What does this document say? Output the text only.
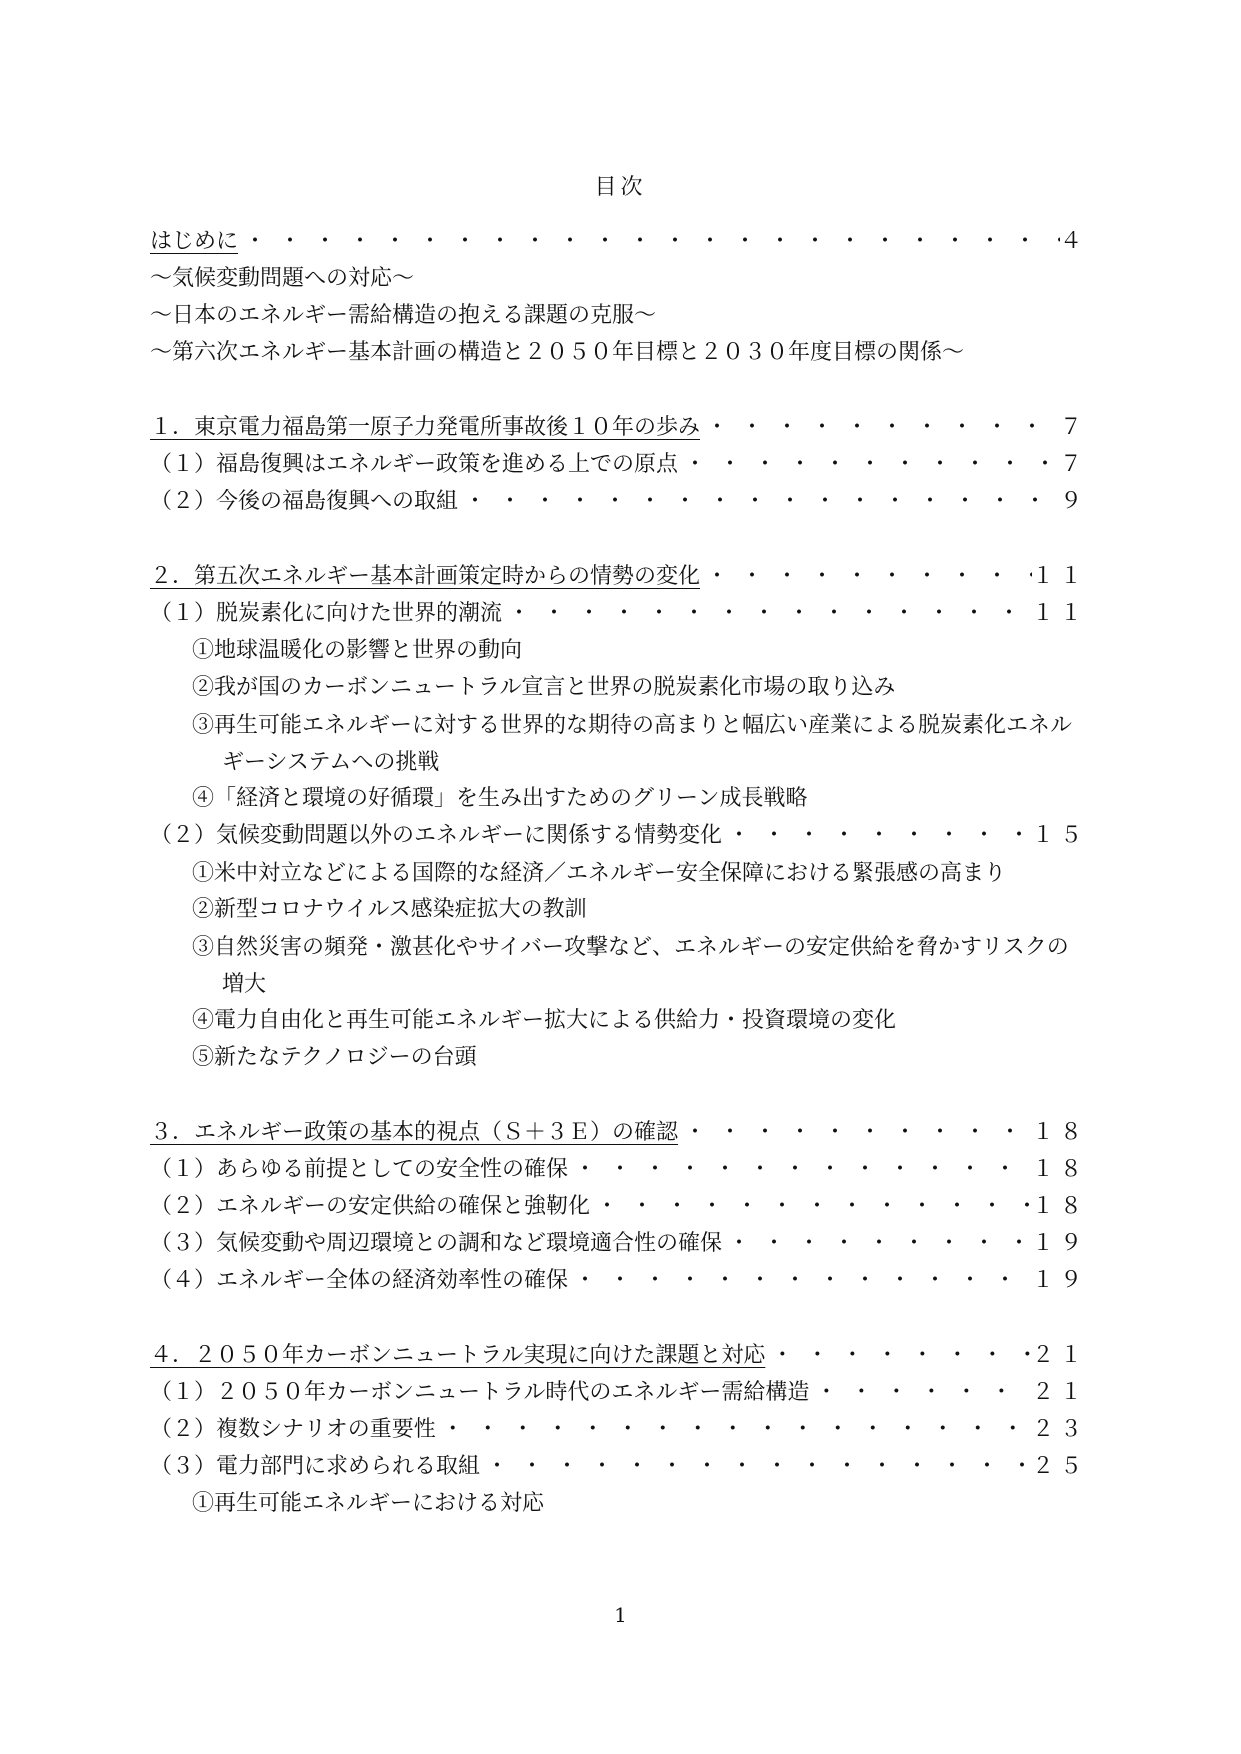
目次
はじめに ・・・・・・・・・・・・・・・・・・・・・・・・・・・・・・・・・・・・・・・・・・・・・・・・・・・・・・・・・・	４
～気候変動問題への対応～
～日本のエネルギー需給構造の抱える課題の克服～
～第六次エネルギー基本計画の構造と２０５０年目標と２０３０年度目標の関係～
１．東京電力福島第一原子力発電所事故後１０年の歩み ・・・・・・・・・・・・・・・・・・・・・・・・・・・・・・・・・・・・・・・・・・・・・・・・・・・・・・・・・・	７
（１）福島復興はエネルギー政策を進める上での原点 ・・・・・・・・・・・・・・・・・・・・・・・・・・・・・・・・・・・・・・・・・・・・・・・・・・・・・・・・・・	７
（２）今後の福島復興への取組 ・・・・・・・・・・・・・・・・・・・・・・・・・・・・・・・・・・・・・・・・・・・・・・・・・・・・・・・・・・	９
２．第五次エネルギー基本計画策定時からの情勢の変化 ・・・・・・・・・・・・・・・・・・・・・・・・・・・・・・・・・・・・・・・・・・・・・・・・・・・・・・・・・・	１１
（１）脱炭素化に向けた世界的潮流 ・・・・・・・・・・・・・・・・・・・・・・・・・・・・・・・・・・・・・・・・・・・・・・・・・・・・・・・・・・	１１
①地球温暖化の影響と世界の動向
②我が国のカーボンニュートラル宣言と世界の脱炭素化市場の取り込み
③再生可能エネルギーに対する世界的な期待の高まりと幅広い産業による脱炭素化エネルギーシステムへの挑戦
④「経済と環境の好循環」を生み出すためのグリーン成長戦略
（２）気候変動問題以外のエネルギーに関係する情勢変化 ・・・・・・・・・・・・・・・・・・・・・・・・・・・・・・・・・・・・・・・・・・・・・・・・・・・・・・・・・・	１５
①米中対立などによる国際的な経済／エネルギー安全保障における緊張感の高まり
②新型コロナウイルス感染症拡大の教訓
③自然災害の頻発・激甚化やサイバー攻撃など、エネルギーの安定供給を脅かすリスクの増大
④電力自由化と再生可能エネルギー拡大による供給力・投資環境の変化
⑤新たなテクノロジーの台頭
３．エネルギー政策の基本的視点（Ｓ＋３Ｅ）の確認 ・・・・・・・・・・・・・・・・・・・・・・・・・・・・・・・・・・・・・・・・・・・・・・・・・・・・・・・・・・	１８
（１）あらゆる前提としての安全性の確保 ・・・・・・・・・・・・・・・・・・・・・・・・・・・・・・・・・・・・・・・・・・・・・・・・・・・・・・・・・・	１８
（２）エネルギーの安定供給の確保と強靭化 ・・・・・・・・・・・・・・・・・・・・・・・・・・・・・・・・・・・・・・・・・・・・・・・・・・・・・・・・・・	１８
（３）気候変動や周辺環境との調和など環境適合性の確保 ・・・・・・・・・・・・・・・・・・・・・・・・・・・・・・・・・・・・・・・・・・・・・・・・・・・・・・・・・・	１９
（４）エネルギー全体の経済効率性の確保 ・・・・・・・・・・・・・・・・・・・・・・・・・・・・・・・・・・・・・・・・・・・・・・・・・・・・・・・・・・	１９
４．２０５０年カーボンニュートラル実現に向けた課題と対応 ・・・・・・・・・・・・・・・・・・・・・・・・・・・・・・・・・・・・・・・・・・・・・・・・・・・・・・・・・・	２１
（１）２０５０年カーボンニュートラル時代のエネルギー需給構造 ・・・・・・・・・・・・・・・・・・・・・・・・・・・・・・・・・・・・・・・・・・・・・・・・・・・・・・・・・・	２１
（２）複数シナリオの重要性 ・・・・・・・・・・・・・・・・・・・・・・・・・・・・・・・・・・・・・・・・・・・・・・・・・・・・・・・・・・	２３
（３）電力部門に求められる取組 ・・・・・・・・・・・・・・・・・・・・・・・・・・・・・・・・・・・・・・・・・・・・・・・・・・・・・・・・・・	２５
①再生可能エネルギーにおける対応
1
